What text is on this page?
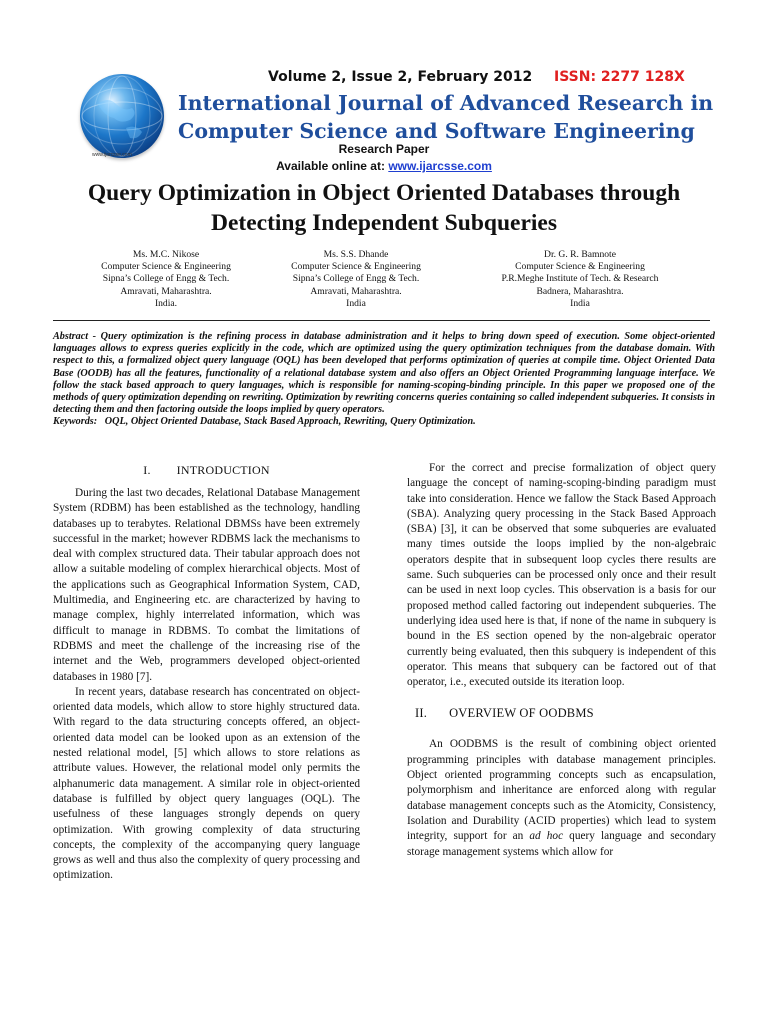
www.ijarcsse.com
Volume 2, Issue 2, February 2012 ISSN: 2277 128X
International Journal of Advanced Research in
Computer Science and Software Engineering
Research Paper
Available online at: www.ijarcsse.com
Query Optimization in Object Oriented Databases through
Detecting Independent Subqueries
Ms. M.C. Nikose
Computer Science & Engineering
Sipna’s College of Engg & Tech.
Amravati, Maharashtra.
India.
Ms. S.S. Dhande
Computer Science & Engineering
Sipna’s College of Engg & Tech.
Amravati, Maharashtra.
India
Dr. G. R. Bamnote
Computer Science & Engineering
P.R.Meghe Institute of Tech. & Research
Badnera, Maharashtra.
India
Abstract - Query optimization is the refining process in database administration and it helps to bring down speed of execution. Some object-oriented languages allows to express queries explicitly in the code, which are optimized using the query optimization techniques from the database domain. With respect to this, a formalized object query language (OQL) has been developed that performs optimization of queries at compile time. Object Oriented Data Base (OODB) has all the features, functionality of a relational database system and also offers an Object Oriented Programming language interface. We follow the stack based approach to query languages, which is responsible for naming-scoping-binding principle. In this paper we proposed one of the methods of query optimization depending on rewriting. Optimization by rewriting concerns queries containing so called independent subqueries. It consists in detecting them and then factoring outside the loops implied by query operators.
Keywords: OQL, Object Oriented Database, Stack Based Approach, Rewriting, Query Optimization.
I. INTRODUCTION

During the last two decades, Relational Database Management System (RDBM) has been established as the technology, handling databases up to terabytes. Relational DBMSs have been extremely successful in the market; however RDBMS lack the mechanisms to deal with complex structured data. Their tabular approach does not allow a suitable modeling of complex hierarchical objects. Most of the applications such as Geographical Information System, CAD, Multimedia, and Engineering etc. are characterized by having to manage complex, highly interrelated information, which was difficult to manage in RDBMS. To combat the limitations of RDBMS and meet the challenge of the increasing rise of the internet and the Web, programmers developed object-oriented databases in 1980 [7].

In recent years, database research has concentrated on object-oriented data models, which allow to store highly structured data. With regard to the data structuring concepts offered, an object-oriented data model can be looked upon as an extension of the nested relational model, [5] which allows to store relations as attribute values. However, the relational model only permits the alphanumeric data management. A similar role in object-oriented database is fulfilled by object query languages (OQL). The usefulness of these languages strongly depends on query optimization. With growing complexity of data structuring concepts, the complexity of the accompanying query language grows as well and thus also the complexity of query processing and optimization.

For the correct and precise formalization of object query language the concept of naming-scoping-binding paradigm must take into consideration. Hence we fallow the Stack Based Approach (SBA). Analyzing query processing in the Stack Based Approach (SBA) [3], it can be observed that some subqueries are evaluated many times outside the loops implied by the non-algebraic operators despite that in subsequent loop cycles there results are same. Such subqueries can be processed only once and their result can be used in next loop cycles. This observation is a basis for our proposed method called factoring out independent subqueries. The underlying idea used here is that, if none of the name in subquery is bound in the ES section opened by the non-algebraic operator currently being evaluated, then this subquery is independent of this operator. This means that subquery can be factored out of that operator, i.e., executed outside its iteration loop.

II. OVERVIEW OF OODBMS

An OODBMS is the result of combining object oriented programming principles with database management principles. Object oriented programming concepts such as encapsulation, polymorphism and inheritance are enforced along with regular database management concepts such as the Atomicity, Consistency, Isolation and Durability (ACID properties) which lead to system integrity, support for an ad hoc query language and secondary storage management systems which allow for
